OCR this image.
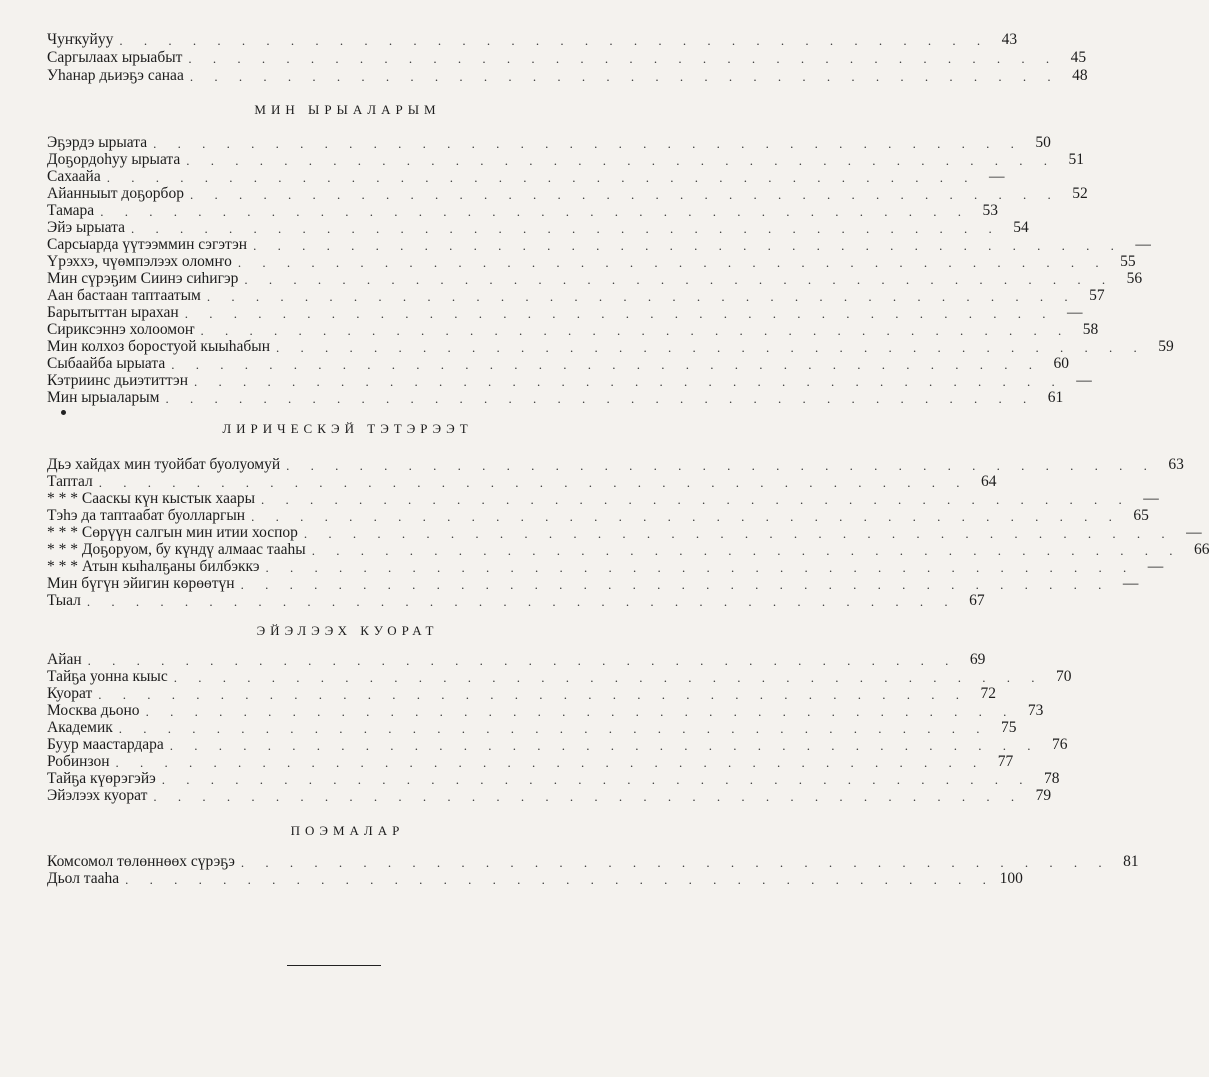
Чуҥкуйуу . . . . . . . . . . . . . . . . . . . . . . . . . . . . . . . . . . . . 43
Саргылаах ырыабыт . . . . . . . . . . . . . . . . . . . . . . . . . . . . . . . . . . . . 45
Уһанар дьиэҕэ санаа . . . . . . . . . . . . . . . . . . . . . . . . . . . . . . . . . . . . 48
МИН ЫРЫАЛАРЫМ
Эҕэрдэ ырыата . . . . . . . . . . . . . . . . . . . . . . . . . . . . . . . . . . . . 50
Доҕордоһуу ырыата . . . . . . . . . . . . . . . . . . . . . . . . . . . . . . . . . . . . 51
Сахаайа . . . . . . . . . . . . . . . . . . . . . . . . . . . . . . . . . . . . —
Айанныыт доҕорбор . . . . . . . . . . . . . . . . . . . . . . . . . . . . . . . . . . . . 52
Тамара . . . . . . . . . . . . . . . . . . . . . . . . . . . . . . . . . . . . 53
Эйэ ырыата . . . . . . . . . . . . . . . . . . . . . . . . . . . . . . . . . . . . 54
Сарсыарда үүтээммин сэгэтэн . . . . . . . . . . . . . . . . . . . . . . . . . . . . . . . . . . . . —
Үрэххэ, чүөмпэлээх оломҥо . . . . . . . . . . . . . . . . . . . . . . . . . . . . . . . . . . . . 55
Мин сүрэҕим Сиинэ сиһигэр . . . . . . . . . . . . . . . . . . . . . . . . . . . . . . . . . . . . 56
Аан бастаан таптаатым . . . . . . . . . . . . . . . . . . . . . . . . . . . . . . . . . . . . 57
Барытыттан ырахан . . . . . . . . . . . . . . . . . . . . . . . . . . . . . . . . . . . . —
Сириксэннэ холоомоҥ . . . . . . . . . . . . . . . . . . . . . . . . . . . . . . . . . . . . 58
Мин колхоз боростуой кыыһабын . . . . . . . . . . . . . . . . . . . . . . . . . . . . . . . . . . . . 59
Сыбаайба ырыата . . . . . . . . . . . . . . . . . . . . . . . . . . . . . . . . . . . . 60
Кэтриинс дьиэтиттэн . . . . . . . . . . . . . . . . . . . . . . . . . . . . . . . . . . . . —
Мин ырыаларым . . . . . . . . . . . . . . . . . . . . . . . . . . . . . . . . . . . . 61
ЛИРИЧЕСКЭЙ ТЭТЭРЭЭТ
Дьэ хайдах мин туойбат буолуомуй . . . . . . . . . . . . . . . . . . . . . . . . . . . . . . . . . . . . 63
Таптал . . . . . . . . . . . . . . . . . . . . . . . . . . . . . . . . . . . . 64
* * * Сааскы күн кыстык хаары . . . . . . . . . . . . . . . . . . . . . . . . . . . . . . . . . . . . —
Тэһэ да таптаабат буолларгын . . . . . . . . . . . . . . . . . . . . . . . . . . . . . . . . . . . . 65
* * * Сөрүүн салгын мин итии хоспор . . . . . . . . . . . . . . . . . . . . . . . . . . . . . . . . . . . . —
* * * Доҕоруом, бу күндү алмаас тааһы . . . . . . . . . . . . . . . . . . . . . . . . . . . . . . . . . . . . 66
* * * Атын кыһалҕаны билбэккэ . . . . . . . . . . . . . . . . . . . . . . . . . . . . . . . . . . . . —
Мин бүгүн эйигин көрөөтүн . . . . . . . . . . . . . . . . . . . . . . . . . . . . . . . . . . . . —
Тыал . . . . . . . . . . . . . . . . . . . . . . . . . . . . . . . . . . . . 67
ЭЙЭЛЭЭХ КУОРАТ
Айан . . . . . . . . . . . . . . . . . . . . . . . . . . . . . . . . . . . . 69
Тайҕа уонна кыыс . . . . . . . . . . . . . . . . . . . . . . . . . . . . . . . . . . . . 70
Куорат . . . . . . . . . . . . . . . . . . . . . . . . . . . . . . . . . . . . 72
Москва дьоно . . . . . . . . . . . . . . . . . . . . . . . . . . . . . . . . . . . . 73
Академик . . . . . . . . . . . . . . . . . . . . . . . . . . . . . . . . . . . . 75
Буур маастардара . . . . . . . . . . . . . . . . . . . . . . . . . . . . . . . . . . . . 76
Робинзон . . . . . . . . . . . . . . . . . . . . . . . . . . . . . . . . . . . . 77
Тайҕа күөрэгэйэ . . . . . . . . . . . . . . . . . . . . . . . . . . . . . . . . . . . . 78
Эйэлээх куорат . . . . . . . . . . . . . . . . . . . . . . . . . . . . . . . . . . . . 79
ПОЭМАЛАР
Комсомол төлөннөөх сүрэҕэ . . . . . . . . . . . . . . . . . . . . . . . . . . . . . . . . . . . . 81
Дьол тааһа . . . . . . . . . . . . . . . . . . . . . . . . . . . . . . . . . . . . 100
